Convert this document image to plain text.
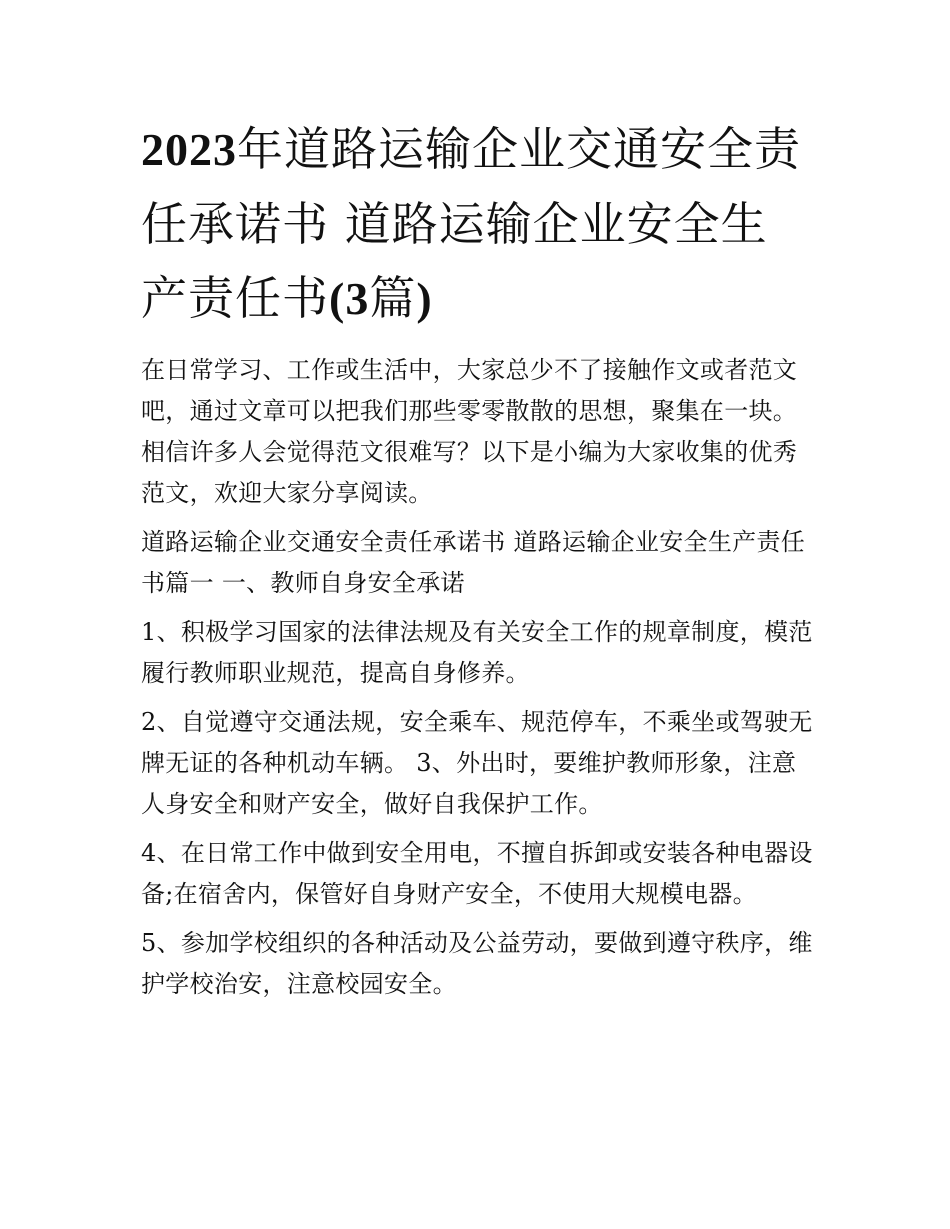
2023年道路运输企业交通安全责任承诺书 道路运输企业安全生产责任书(3篇)

在日常学习、工作或生活中，大家总少不了接触作文或者范文吧，通过文章可以把我们那些零零散散的思想，聚集在一块。相信许多人会觉得范文很难写？以下是小编为大家收集的优秀范文，欢迎大家分享阅读。

道路运输企业交通安全责任承诺书 道路运输企业安全生产责任书篇一 一、教师自身安全承诺

1、积极学习国家的法律法规及有关安全工作的规章制度，模范履行教师职业规范，提高自身修养。

2、自觉遵守交通法规，安全乘车、规范停车，不乘坐或驾驶无牌无证的各种机动车辆。 3、外出时，要维护教师形象，注意人身安全和财产安全，做好自我保护工作。

4、在日常工作中做到安全用电，不擅自拆卸或安装各种电器设备;在宿舍内，保管好自身财产安全，不使用大规模电器。

5、参加学校组织的各种活动及公益劳动，要做到遵守秩序，维护学校治安，注意校园安全。
